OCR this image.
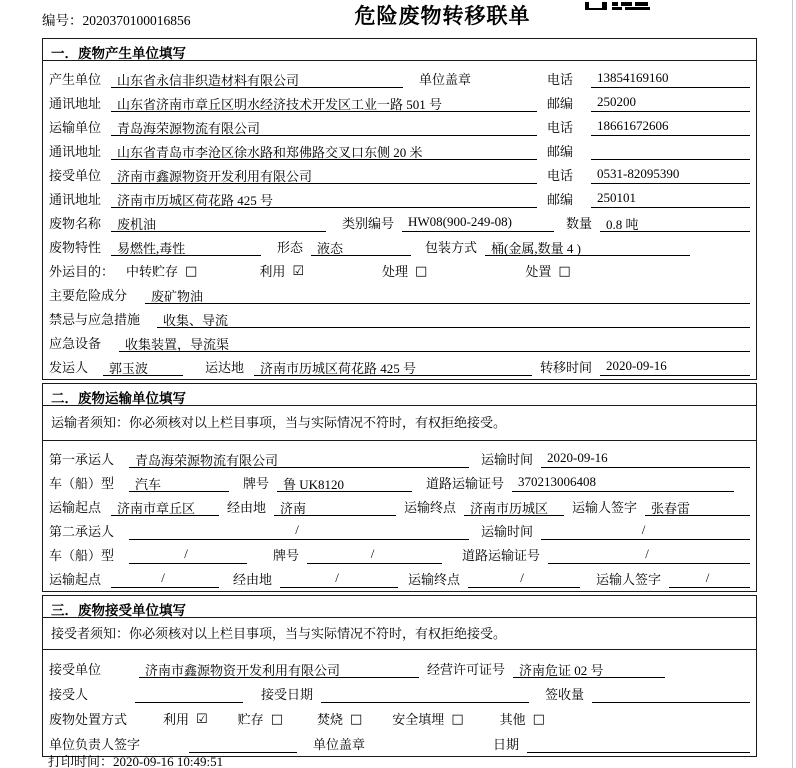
编号：2020370100016856	危险废物转移联单
一．废物产生单位填写
产生单位	山东省永信非织造材料有限公司	单位盖章	电话	13854169160
通讯地址	山东省济南市章丘区明水经济技术开发区工业一路 501 号	邮编	250200
运输单位	青岛海荣源物流有限公司	电话	18661672606
通讯地址	山东省青岛市李沧区徐水路和郑佛路交叉口东侧 20 米	邮编
接受单位	济南市鑫源物资开发利用有限公司	电话	0531-82095390
通讯地址	济南市历城区荷花路 425 号	邮编	250101
废物名称	废机油	类别编号	HW08(900-249-08)	数量	0.8 吨
废物特性	易燃性,毒性	形态	液态	包装方式	桶(金属,数量 4 )
外运目的： 中转贮存 □	利用 ☑	处理 □	处置 □
主要危险成分	废矿物油
禁忌与应急措施	收集、导流
应急设备	收集装置，导流渠
发运人	郭玉波	运达地	济南市历城区荷花路 425 号	转移时间	2020-09-16
二．废物运输单位填写
运输者须知：你必须核对以上栏目事项，当与实际情况不符时，有权拒绝接受。
第一承运人	青岛海荣源物流有限公司	运输时间	2020-09-16
车（船）型	汽车	牌号	鲁 UK8120	道路运输证号	370213006408
运输起点	济南市章丘区	经由地	济南	运输终点	济南市历城区	运输人签字	张春雷
第二承运人	/	运输时间	/
车（船）型	/	牌号	/	道路运输证号	/
运输起点	/	经由地	/	运输终点	/	运输人签字	/
三．废物接受单位填写
接受者须知：你必须核对以上栏目事项，当与实际情况不符时，有权拒绝接受。
接受单位	济南市鑫源物资开发利用有限公司	经营许可证号	济南危证 02 号
接受人	接受日期	签收量
废物处置方式	利用 ☑ 贮存 □	焚烧 □ 安全填埋 □	其他 □
单位负责人签字	单位盖章	日期
打印时间：2020-09-16 10:49:51
